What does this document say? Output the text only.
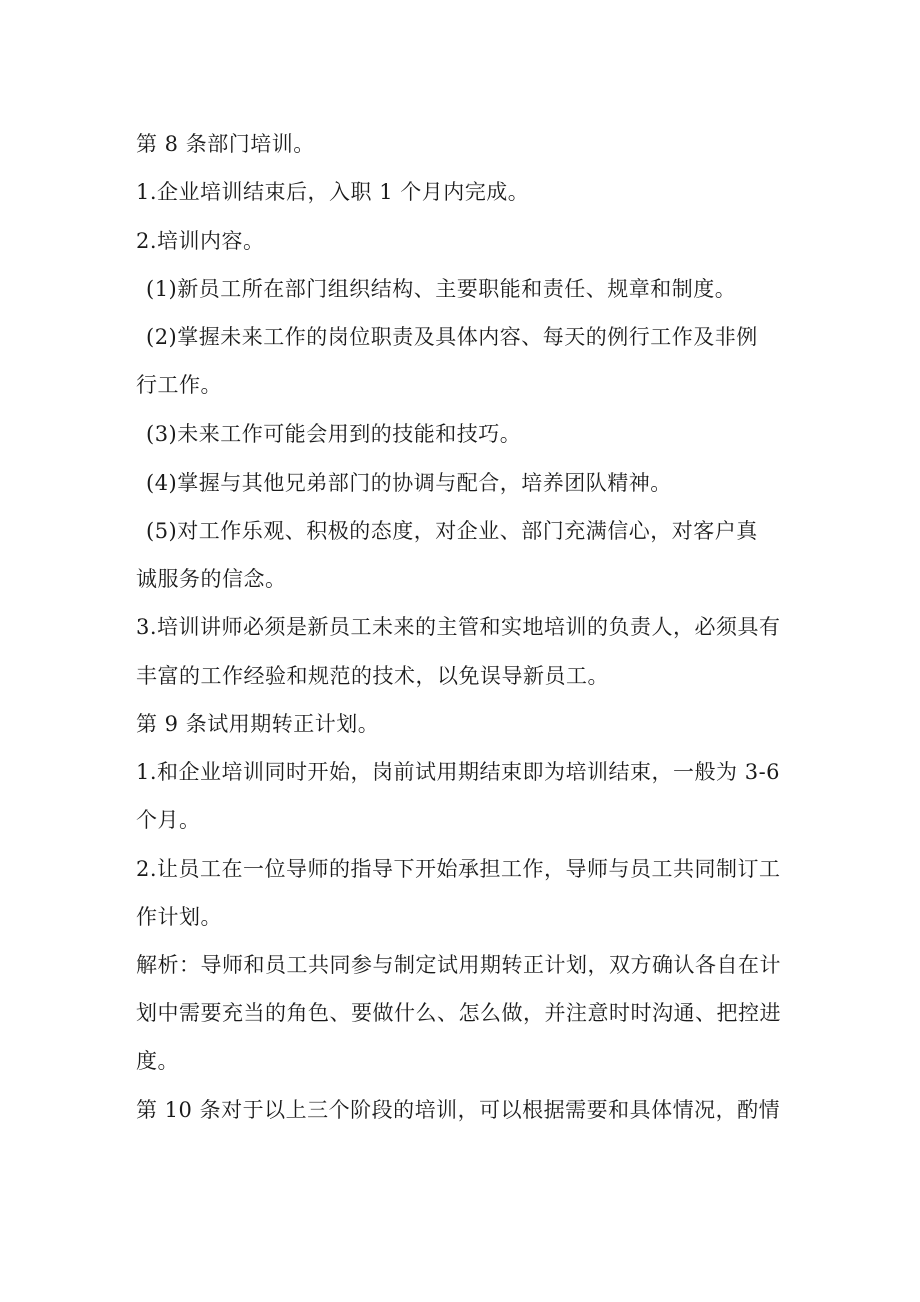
第 8 条部门培训。
1.企业培训结束后，入职 1 个月内完成。
2.培训内容。
(1)新员工所在部门组织结构、主要职能和责任、规章和制度。
(2)掌握未来工作的岗位职责及具体内容、每天的例行工作及非例
行工作。
(3)未来工作可能会用到的技能和技巧。
(4)掌握与其他兄弟部门的协调与配合，培养团队精神。
(5)对工作乐观、积极的态度，对企业、部门充满信心，对客户真
诚服务的信念。
3.培训讲师必须是新员工未来的主管和实地培训的负责人，必须具有
丰富的工作经验和规范的技术，以免误导新员工。
第 9 条试用期转正计划。
1.和企业培训同时开始，岗前试用期结束即为培训结束，一般为 3-6
个月。
2.让员工在一位导师的指导下开始承担工作，导师与员工共同制订工
作计划。
解析：导师和员工共同参与制定试用期转正计划，双方确认各自在计
划中需要充当的角色、要做什么、怎么做，并注意时时沟通、把控进
度。
第 10 条对于以上三个阶段的培训，可以根据需要和具体情况，酌情
